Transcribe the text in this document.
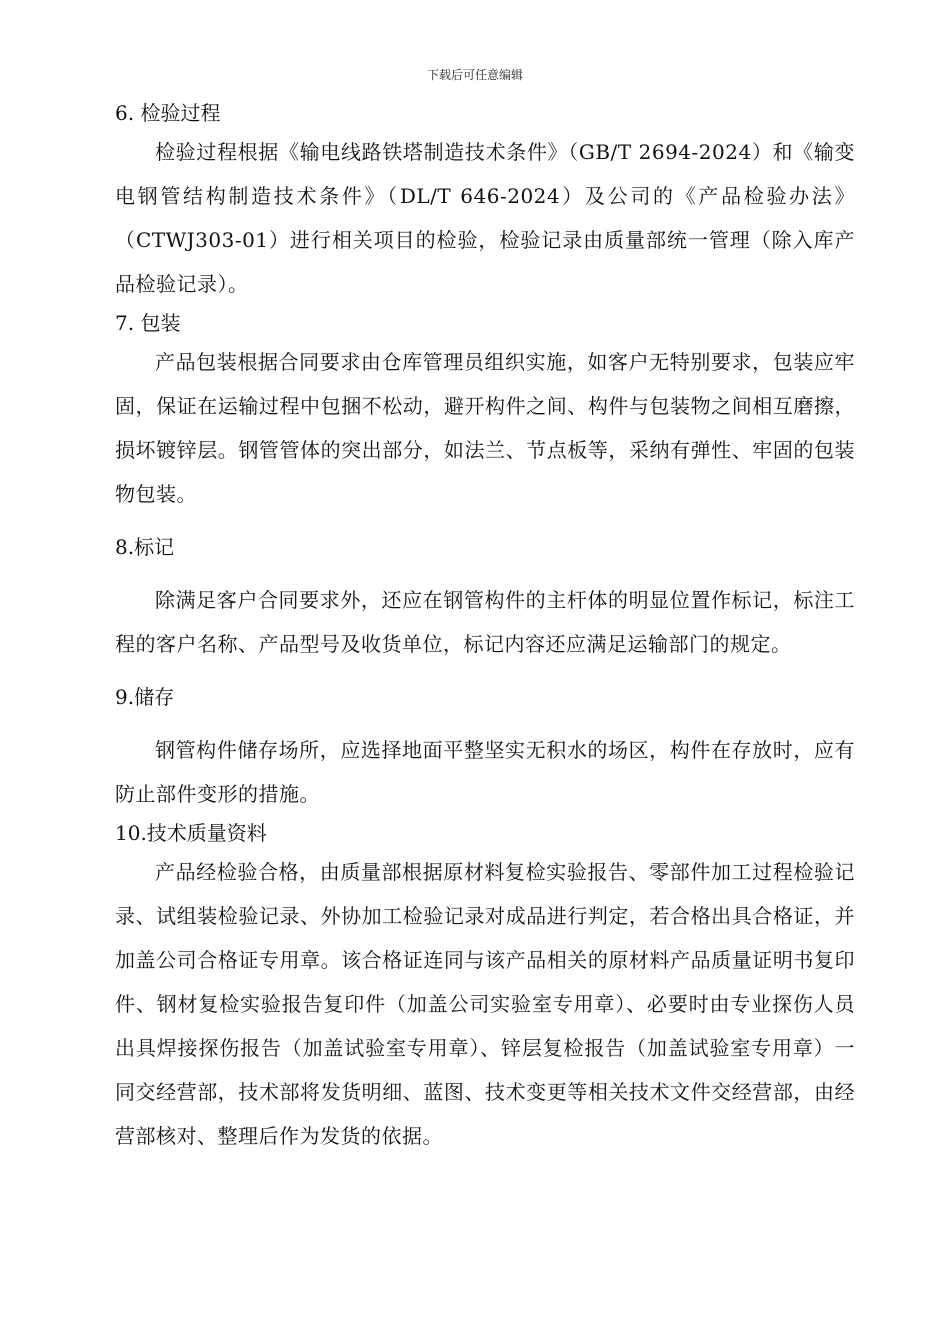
下载后可任意编辑
6. 检验过程

检验过程根据《输电线路铁塔制造技术条件》（GB/T 2694-2024）和《输变电钢管结构制造技术条件》（DL/T 646-2024）及公司的《产品检验办法》（CTWJ303-01）进行相关项目的检验，检验记录由质量部统一管理（除入库产品检验记录）。

7. 包装

产品包装根据合同要求由仓库管理员组织实施，如客户无特别要求，包装应牢固，保证在运输过程中包捆不松动，避开构件之间、构件与包装物之间相互磨擦，损坏镀锌层。钢管管体的突出部分，如法兰、节点板等，采纳有弹性、牢固的包装物包装。

8.标记

除满足客户合同要求外，还应在钢管构件的主杆体的明显位置作标记，标注工程的客户名称、产品型号及收货单位，标记内容还应满足运输部门的规定。

9.储存

钢管构件储存场所，应选择地面平整坚实无积水的场区，构件在存放时，应有防止部件变形的措施。

10.技术质量资料

产品经检验合格，由质量部根据原材料复检实验报告、零部件加工过程检验记录、试组装检验记录、外协加工检验记录对成品进行判定，若合格出具合格证，并加盖公司合格证专用章。该合格证连同与该产品相关的原材料产品质量证明书复印件、钢材复检实验报告复印件（加盖公司实验室专用章）、必要时由专业探伤人员出具焊接探伤报告（加盖试验室专用章）、锌层复检报告（加盖试验室专用章）一同交经营部，技术部将发货明细、蓝图、技术变更等相关技术文件交经营部，由经营部核对、整理后作为发货的依据。
